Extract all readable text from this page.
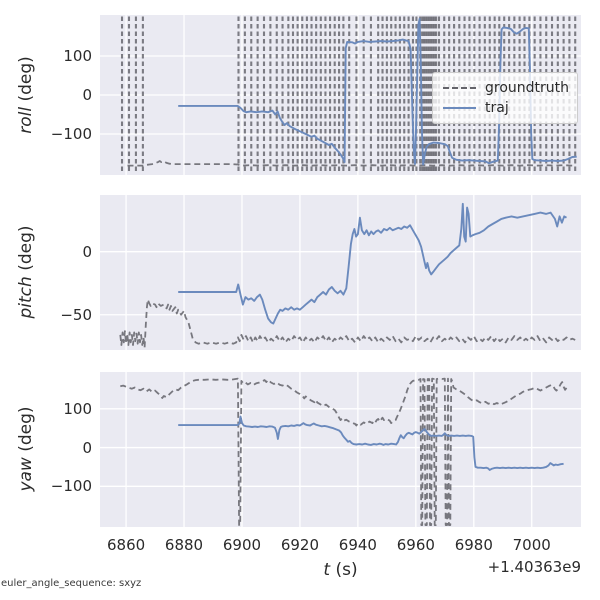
roll (deg)
pitch (deg)
yaw (deg)
t (s)	+1.40363e9
euler_angle_sequence: sxyz
groundtruth
traj
100
0
−100
0
−50
100
0
−100
6860	6880	6900	6920	6940	6960	6980	7000
